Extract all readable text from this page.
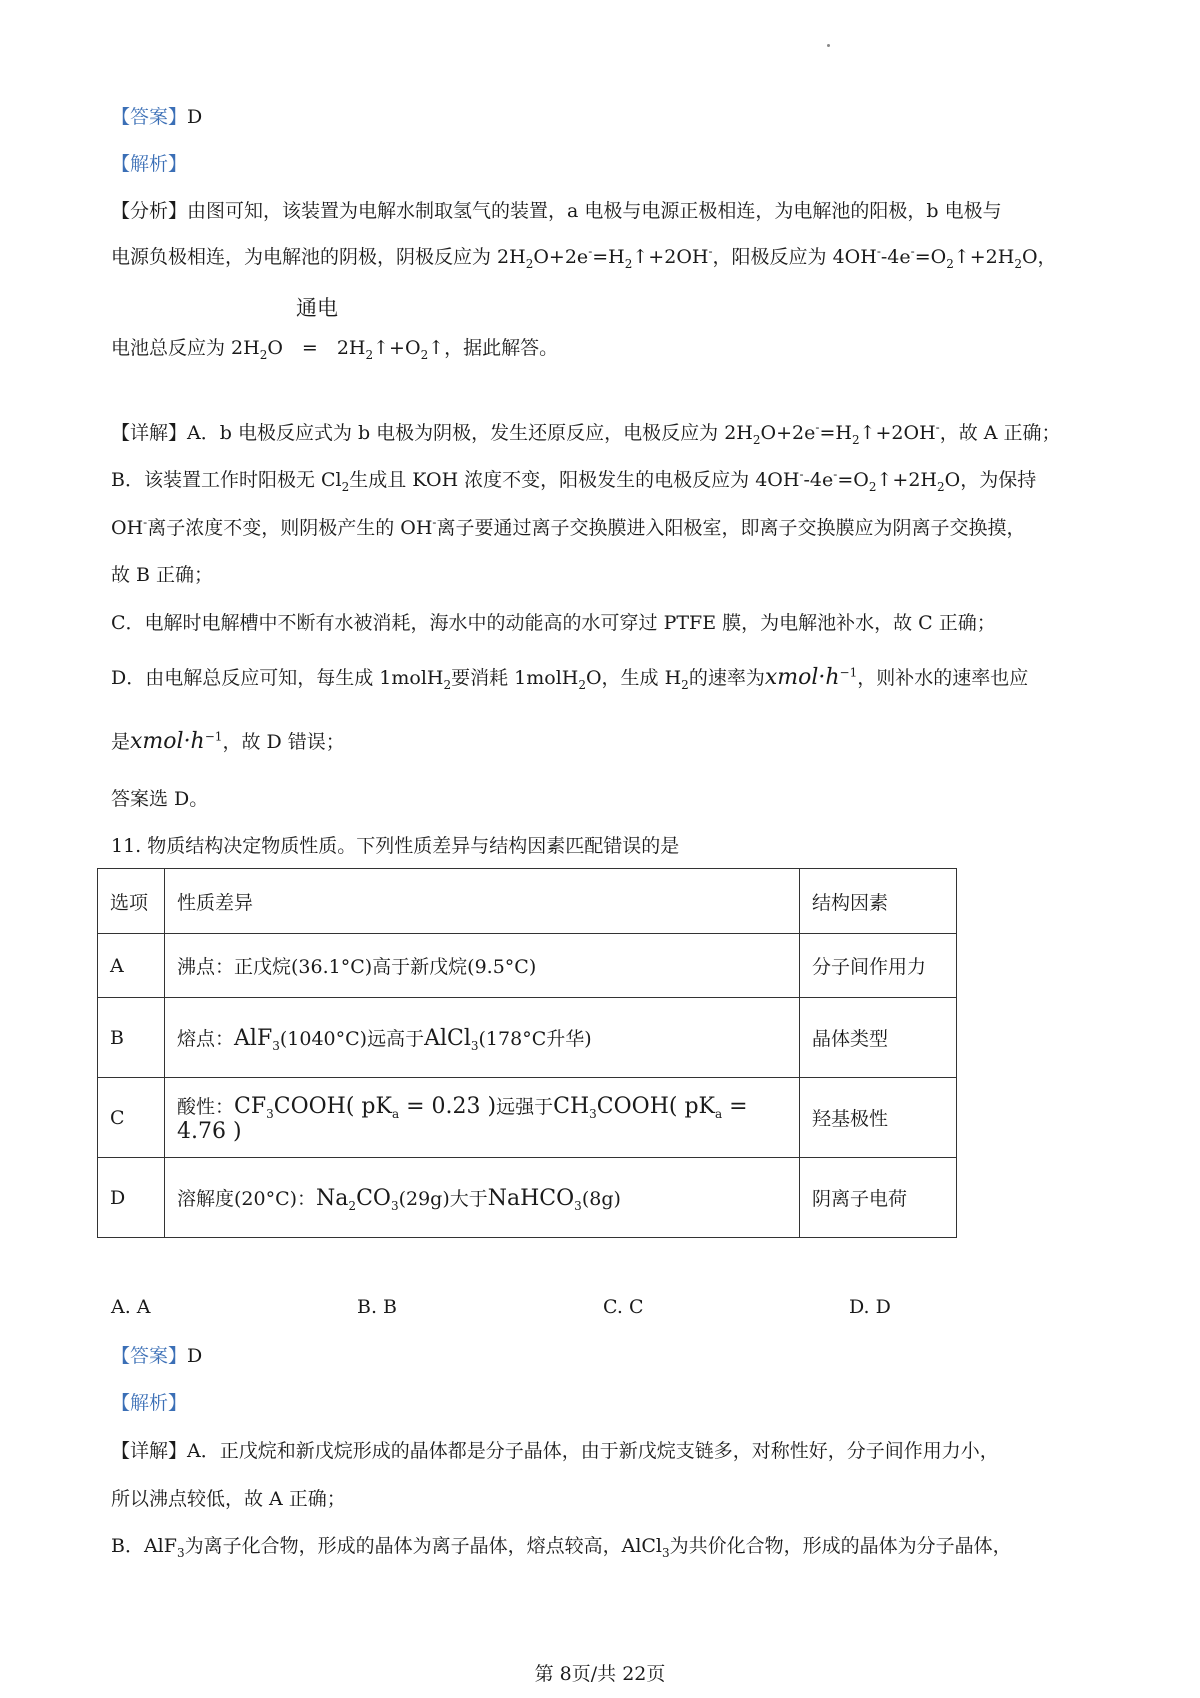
【答案】D
【解析】
【分析】由图可知，该装置为电解水制取氢气的装置，a 电极与电源正极相连，为电解池的阳极，b 电极与
电源负极相连，为电解池的阴极，阴极反应为 $2H_2O+2e^-=H_2↑+2OH^-$，阳极反应为 $4OH^--4e^-=O_2↑+2H_2O$，
通电
电池总反应为 $2H_2O$　=　$2H_2↑+O_2↑$，据此解答。
【详解】A．b 电极反应式为 b 电极为阴极，发生还原反应，电极反应为 $2H_2O+2e^-=H_2↑+2OH^-$，故 A 正确；
B．该装置工作时阳极无 $Cl_2$生成且 KOH 浓度不变，阳极发生的电极反应为 $4OH^--4e^-=O_2↑+2H_2O$，为保持
OH-离子浓度不变，则阴极产生的 OH-离子要通过离子交换膜进入阳极室，即离子交换膜应为阴离子交换摸，
故 B 正确；
C．电解时电解槽中不断有水被消耗，海水中的动能高的水可穿过 PTFE 膜，为电解池补水，故 C 正确；
D．由电解总反应可知，每生成 1molH$_2$要消耗 1molH$_2$O，生成 $H_2$的速率为$xmol\cdot h^{-1}$，则补水的速率也应
是$xmol\cdot h^{-1}$，故 D 错误；
答案选 D。
11. 物质结构决定物质性质。下列性质差异与结构因素匹配错误的是
选项	性质差异	结构因素
A	沸点：正戊烷(36.1°C)高于新戊烷(9.5°C)	分子间作用力
B	熔点：AlF$_3$(1040°C)远高于AlCl$_3$(178°C升华)	晶体类型
C	酸性：$CF_3COOH$( $pK_a = 0.23$ )远强于$CH_3COOH$( $pK_a = 4.76$ )	羟基极性
D	溶解度(20°C)：$Na_2CO_3(29g)$大于NaHCO$_3$(8g)	阴离子电荷
A. A	B. B	C. C	D. D
【答案】D
【解析】
【详解】A．正戊烷和新戊烷形成的晶体都是分子晶体，由于新戊烷支链多，对称性好，分子间作用力小，
所以沸点较低，故 A 正确；
B．AlF$_3$为离子化合物，形成的晶体为离子晶体，熔点较高，AlCl$_3$为共价化合物，形成的晶体为分子晶体，
第 8页/共 22页
